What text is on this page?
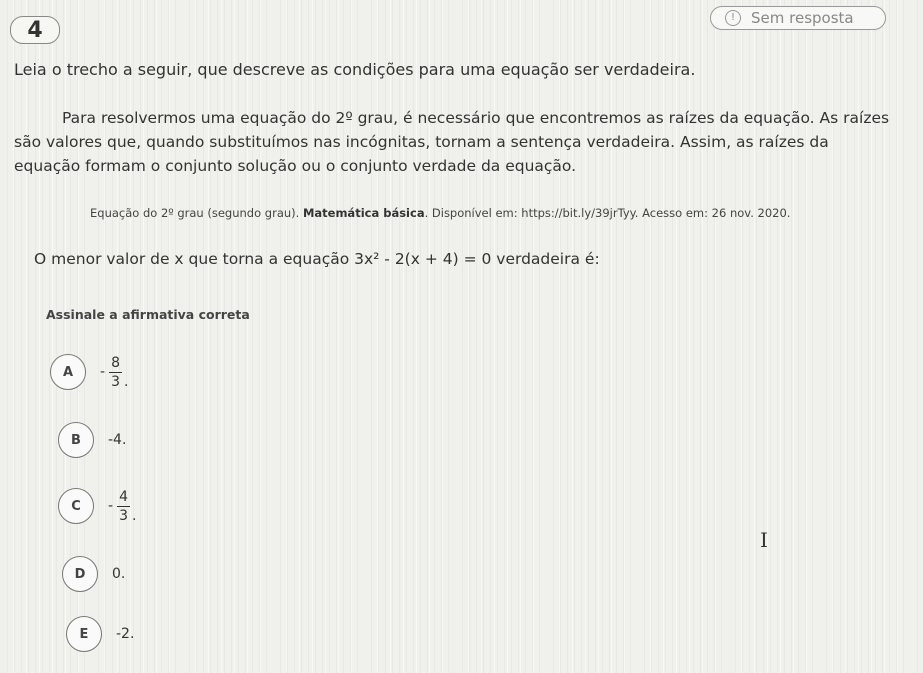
4	!	Sem resposta
Leia o trecho a seguir, que descreve as condições para uma equação ser verdadeira.

Para resolvermos uma equação do 2º grau, é necessário que encontremos as raízes da equação. As raízes são valores que, quando substituímos nas incógnitas, tornam a sentença verdadeira. Assim, as raízes da equação formam o conjunto solução ou o conjunto verdade da equação.

Equação do 2º grau (segundo grau). Matemática básica. Disponível em: https://bit.ly/39jrTyy. Acesso em: 26 nov. 2020.
O menor valor de x que torna a equação 3x² - 2(x + 4) = 0 verdadeira é:
Assinale a afirmativa correta
A	- $\frac{8}{3}$ .
B	-4.
C	- $\frac{4}{3}$ .
D	0.
E	-2.
I
